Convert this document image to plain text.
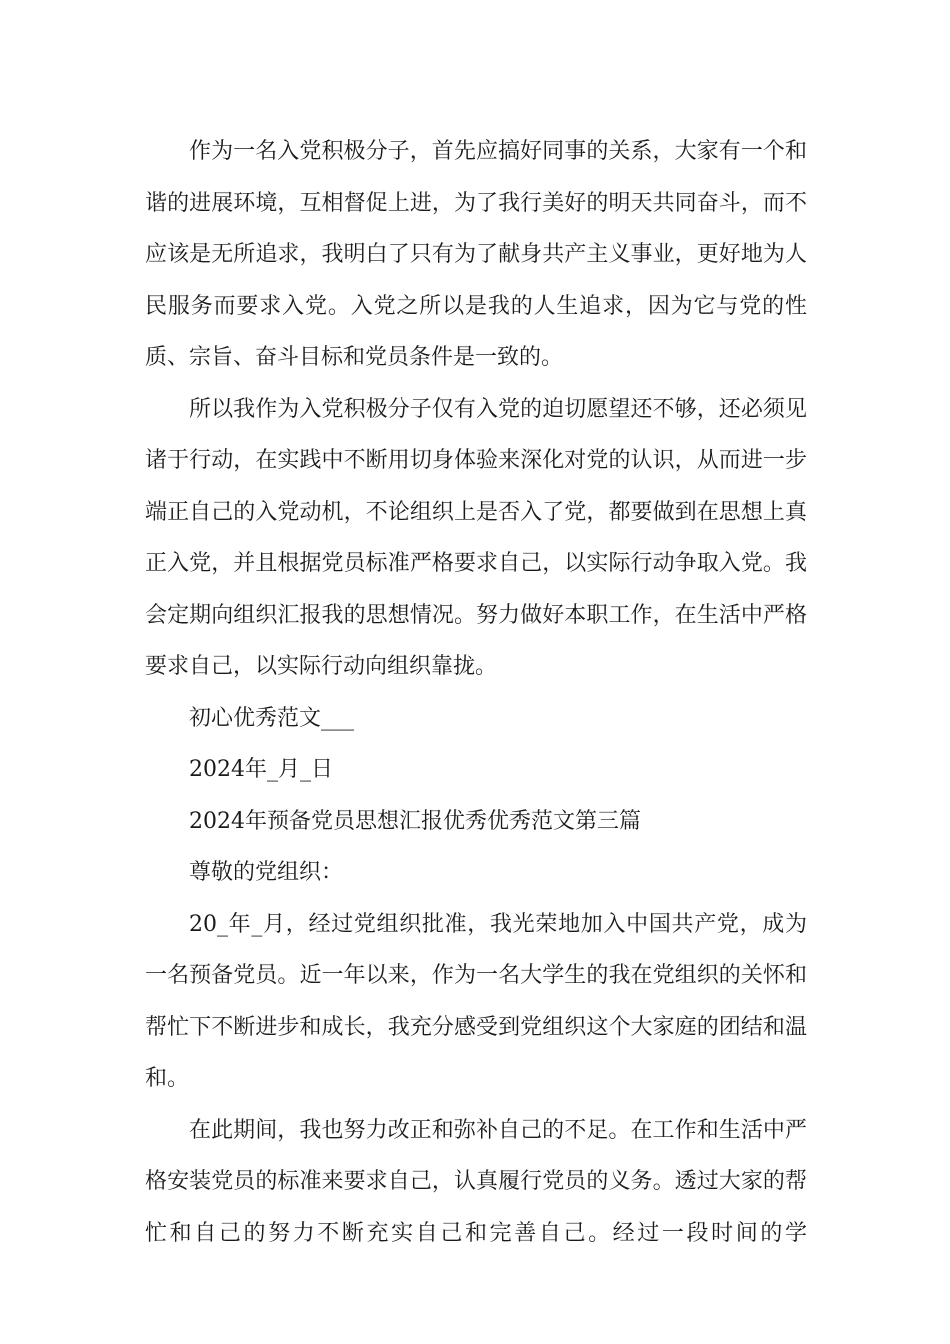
作为一名入党积极分子，首先应搞好同事的关系，大家有一个和谐的进展环境，互相督促上进，为了我行美好的明天共同奋斗，而不应该是无所追求，我明白了只有为了献身共产主义事业，更好地为人民服务而要求入党。入党之所以是我的人生追求，因为它与党的性质、宗旨、奋斗目标和党员条件是一致的。

所以我作为入党积极分子仅有入党的迫切愿望还不够，还必须见诸于行动，在实践中不断用切身体验来深化对党的认识，从而进一步端正自己的入党动机，不论组织上是否入了党，都要做到在思想上真正入党，并且根据党员标准严格要求自己，以实际行动争取入党。我会定期向组织汇报我的思想情况。努力做好本职工作，在生活中严格要求自己，以实际行动向组织靠拢。

初心优秀范文___

2024年_月_日

2024年预备党员思想汇报优秀优秀范文第三篇

尊敬的党组织：

20_年_月，经过党组织批准，我光荣地加入中国共产党，成为一名预备党员。近一年以来，作为一名大学生的我在党组织的关怀和帮忙下不断进步和成长，我充分感受到党组织这个大家庭的团结和温和。

在此期间，我也努力改正和弥补自己的不足。在工作和生活中严格安装党员的标准来要求自己，认真履行党员的义务。透过大家的帮忙和自己的努力不断充实自己和完善自己。经过一段时间的学
